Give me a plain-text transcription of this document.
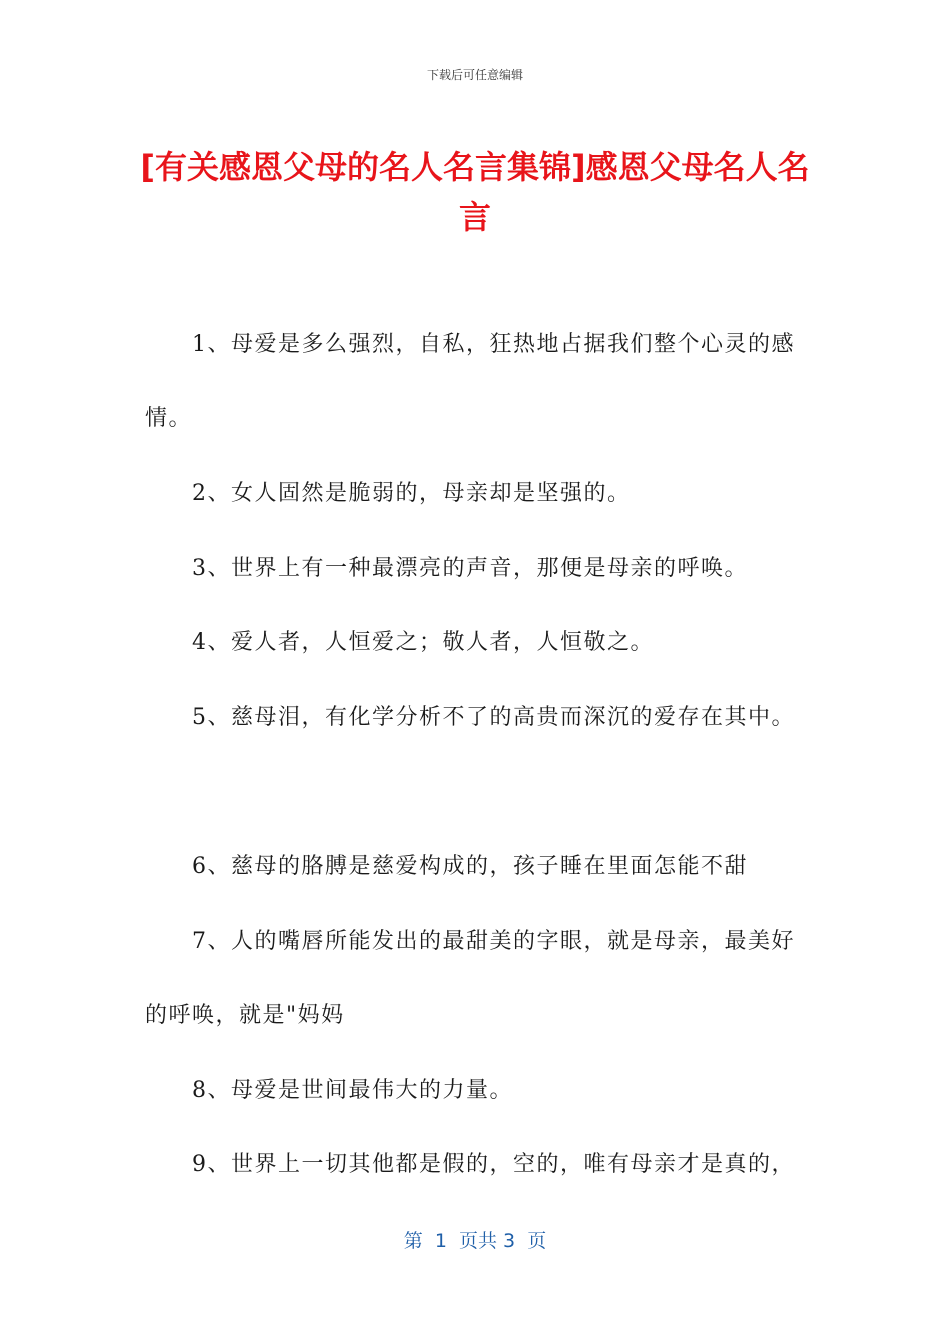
下载后可任意编辑
[有关感恩父母的名人名言集锦]感恩父母名人名言
1、母爱是多么强烈，自私，狂热地占据我们整个心灵的感
情。
2、女人固然是脆弱的，母亲却是坚强的。
3、世界上有一种最漂亮的声音，那便是母亲的呼唤。
4、爱人者，人恒爱之；敬人者，人恒敬之。
5、慈母泪，有化学分析不了的高贵而深沉的爱存在其中。
6、慈母的胳膊是慈爱构成的，孩子睡在里面怎能不甜
7、人的嘴唇所能发出的最甜美的字眼，就是母亲，最美好
的呼唤，就是"妈妈
8、母爱是世间最伟大的力量。
9、世界上一切其他都是假的，空的，唯有母亲才是真的，
第  1  页共 3  页
